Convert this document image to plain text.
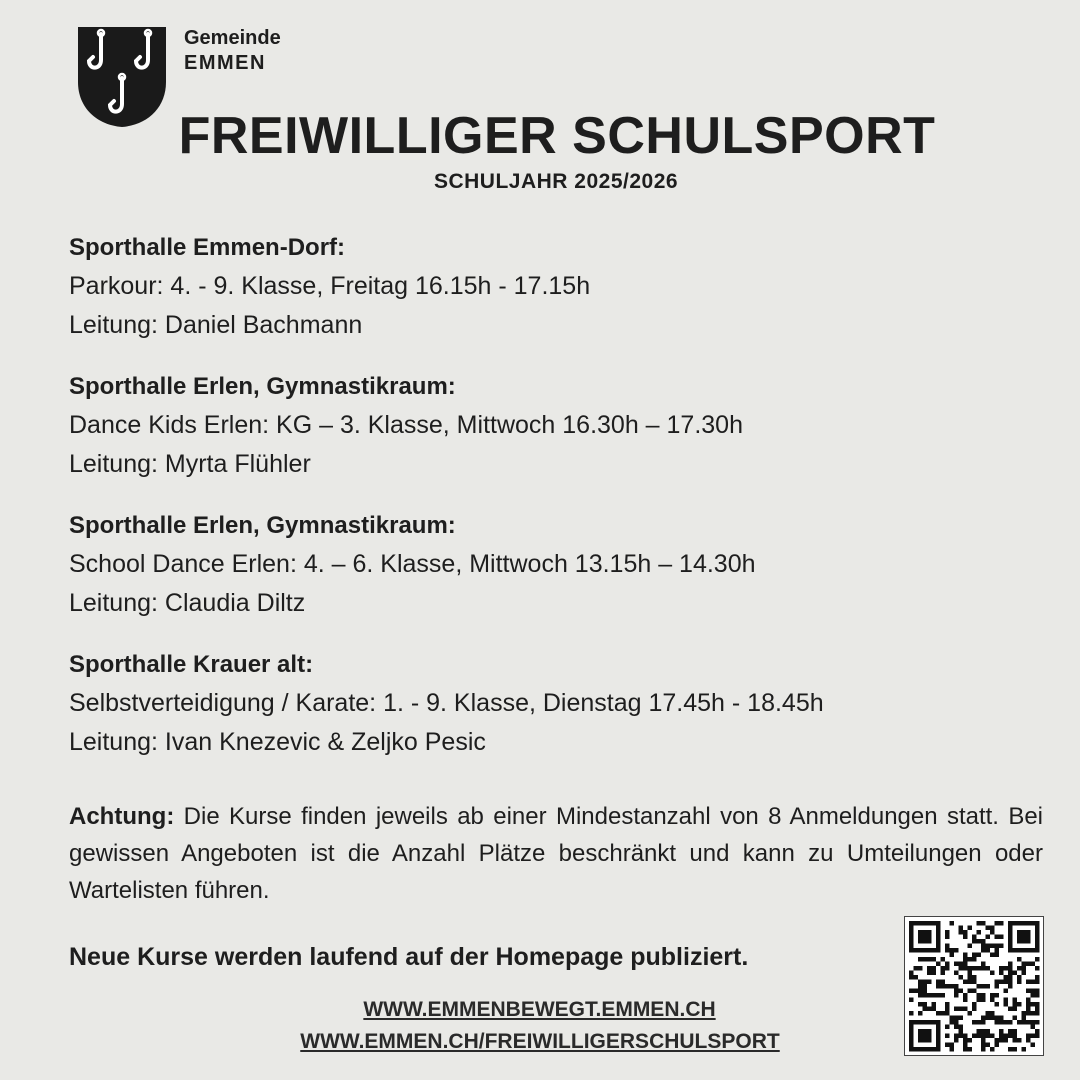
Gemeinde
EMMEN
FREIWILLIGER SCHULSPORT
SCHULJAHR 2025/2026
Sporthalle Emmen-Dorf:
Parkour: 4. - 9. Klasse, Freitag 16.15h - 17.15h
Leitung: Daniel Bachmann
Sporthalle Erlen, Gymnastikraum:
Dance Kids Erlen: KG – 3. Klasse, Mittwoch 16.30h – 17.30h
Leitung: Myrta Flühler
Sporthalle Erlen, Gymnastikraum:
School Dance Erlen: 4. – 6. Klasse, Mittwoch 13.15h – 14.30h
Leitung: Claudia Diltz
Sporthalle Krauer alt:
Selbstverteidigung / Karate: 1. - 9. Klasse, Dienstag 17.45h - 18.45h
Leitung: Ivan Knezevic & Zeljko Pesic
Achtung: Die Kurse finden jeweils ab einer Mindestanzahl von 8 Anmeldungen statt. Bei gewissen Angeboten ist die Anzahl Plätze beschränkt und kann zu Umteilungen oder Wartelisten führen.
Neue Kurse werden laufend auf der Homepage publiziert.
WWW.EMMENBEWEGT.EMMEN.CH
WWW.EMMEN.CH/FREIWILLIGERSCHULSPORT
